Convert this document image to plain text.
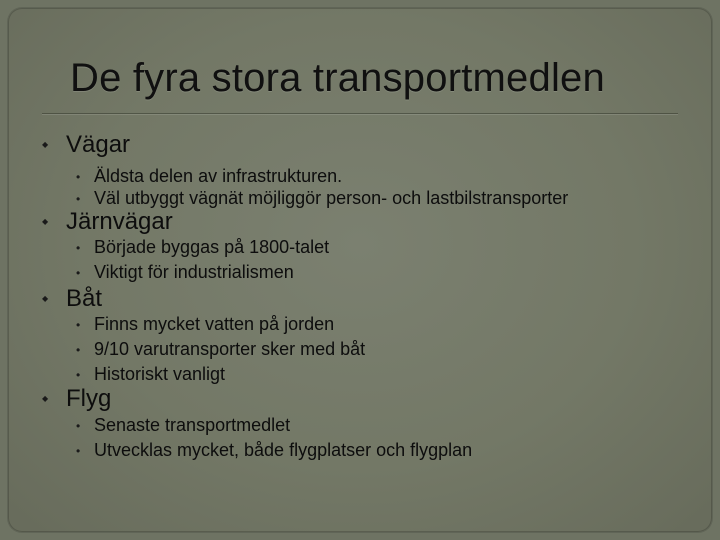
De fyra stora transportmedlen
◆ Vägar
• Äldsta delen av infrastrukturen.
• Väl utbyggt vägnät möjliggör person- och lastbilstransporter
◆ Järnvägar
• Började byggas på 1800-talet
• Viktigt för industrialismen
◆ Båt
• Finns mycket vatten på jorden
• 9/10 varutransporter sker med båt
• Historiskt vanligt
◆ Flyg
• Senaste transportmedlet
• Utvecklas mycket, både flygplatser och flygplan
